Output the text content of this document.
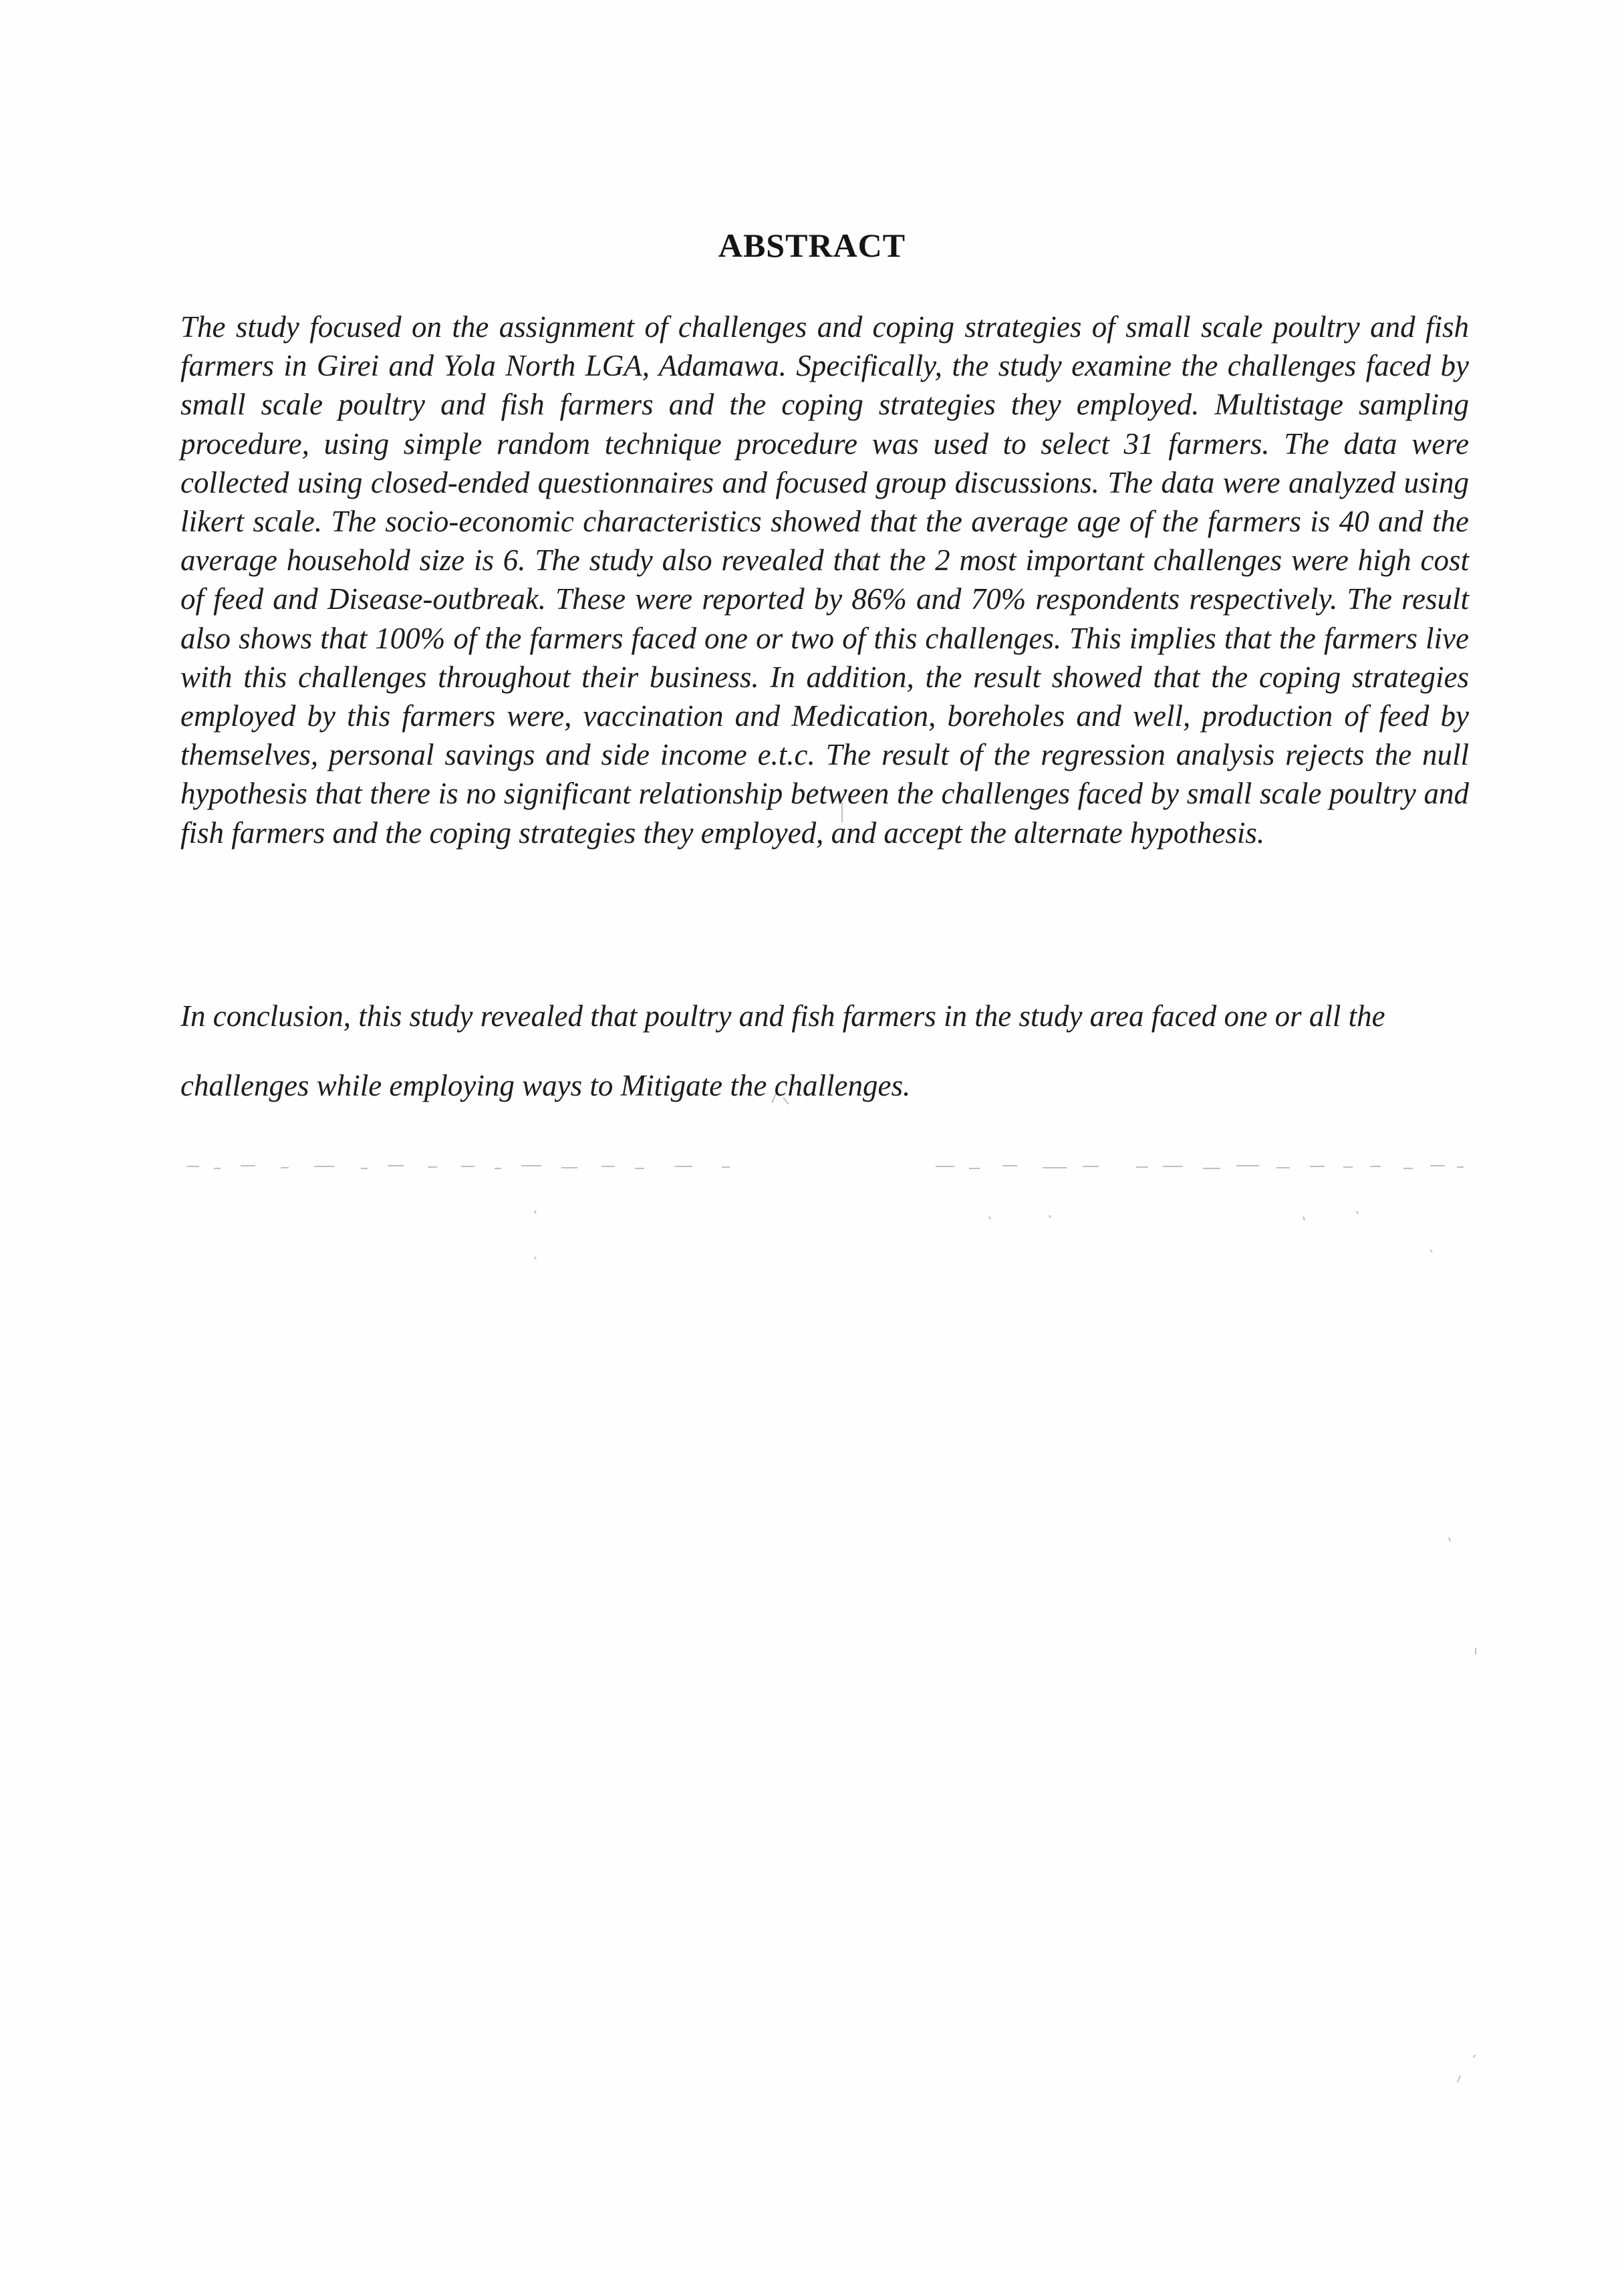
ABSTRACT

The study focused on the assignment of challenges and coping strategies of small scale poultry and fish farmers in Girei and Yola North LGA, Adamawa. Specifically, the study examine the challenges faced by small scale poultry and fish farmers and the coping strategies they employed. Multistage sampling procedure, using simple random technique procedure was used to select 31 farmers. The data were collected using closed-ended questionnaires and focused group discussions. The data were analyzed using likert scale. The socio-economic characteristics showed that the average age of the farmers is 40 and the average household size is 6. The study also revealed that the 2 most important challenges were high cost of feed and Disease-outbreak. These were reported by 86% and 70% respondents respectively. The result also shows that 100% of the farmers faced one or two of this challenges. This implies that the farmers live with this challenges throughout their business. In addition, the result showed that the coping strategies employed by this farmers were, vaccination and Medication, boreholes and well, production of feed by themselves, personal savings and side income e.t.c. The result of the regression analysis rejects the null hypothesis that there is no significant relationship between the challenges faced by small scale poultry and fish farmers and the coping strategies they employed, and accept the alternate hypothesis.

In conclusion, this study revealed that poultry and fish farmers in the study area faced one or all the challenges while employing ways to Mitigate the challenges.
